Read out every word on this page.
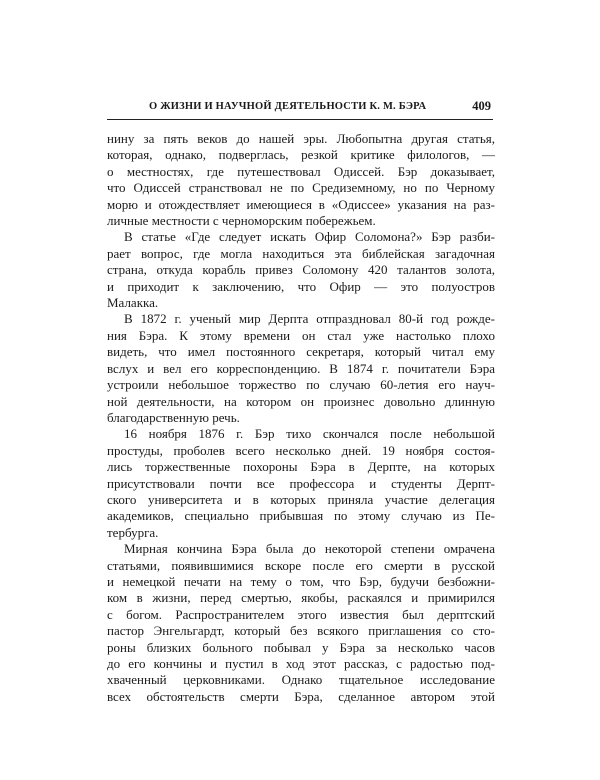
О ЖИЗНИ И НАУЧНОЙ ДЕЯТЕЛЬНОСТИ К. М. БЭРА	409
нину за пять веков до нашей эры. Любопытна другая статья,
которая, однако, подверглась, резкой критике филологов, —
о местностях, где путешествовал Одиссей. Бэр доказывает,
что Одиссей странствовал не по Средиземному, но по Черному
морю и отождествляет имеющиеся в «Одиссее» указания на раз-
личные местности с черноморским побережьем.
В статье «Где следует искать Офир Соломона?» Бэр разби-
рает вопрос, где могла находиться эта библейская загадочная
страна, откуда корабль привез Соломону 420 талантов золота,
и приходит к заключению, что Офир — это полуостров
Малакка.
В 1872 г. ученый мир Дерпта отпраздновал 80-й год рожде-
ния Бэра. К этому времени он стал уже настолько плохо
видеть, что имел постоянного секретаря, который читал ему
вслух и вел его корреспонденцию. В 1874 г. почитатели Бэра
устроили небольшое торжество по случаю 60-летия его науч-
ной деятельности, на котором он произнес довольно длинную
благодарственную речь.
16 ноября 1876 г. Бэр тихо скончался после небольшой
простуды, проболев всего несколько дней. 19 ноября состоя-
лись торжественные похороны Бэра в Дерпте, на которых
присутствовали почти все профессора и студенты Дерпт-
ского университета и в которых приняла участие делегация
академиков, специально прибывшая по этому случаю из Пе-
тербурга.
Мирная кончина Бэра была до некоторой степени омрачена
статьями, появившимися вскоре после его смерти в русской
и немецкой печати на тему о том, что Бэр, будучи безбожни-
ком в жизни, перед смертью, якобы, раскаялся и примирился
с богом. Распространителем этого известия был дерптский
пастор Энгельгардт, который без всякого приглашения со сто-
роны близких больного побывал у Бэра за несколько часов
до его кончины и пустил в ход этот рассказ, с радостью под-
хваченный церковниками. Однако тщательное исследование
всех обстоятельств смерти Бэра, сделанное автором этой
